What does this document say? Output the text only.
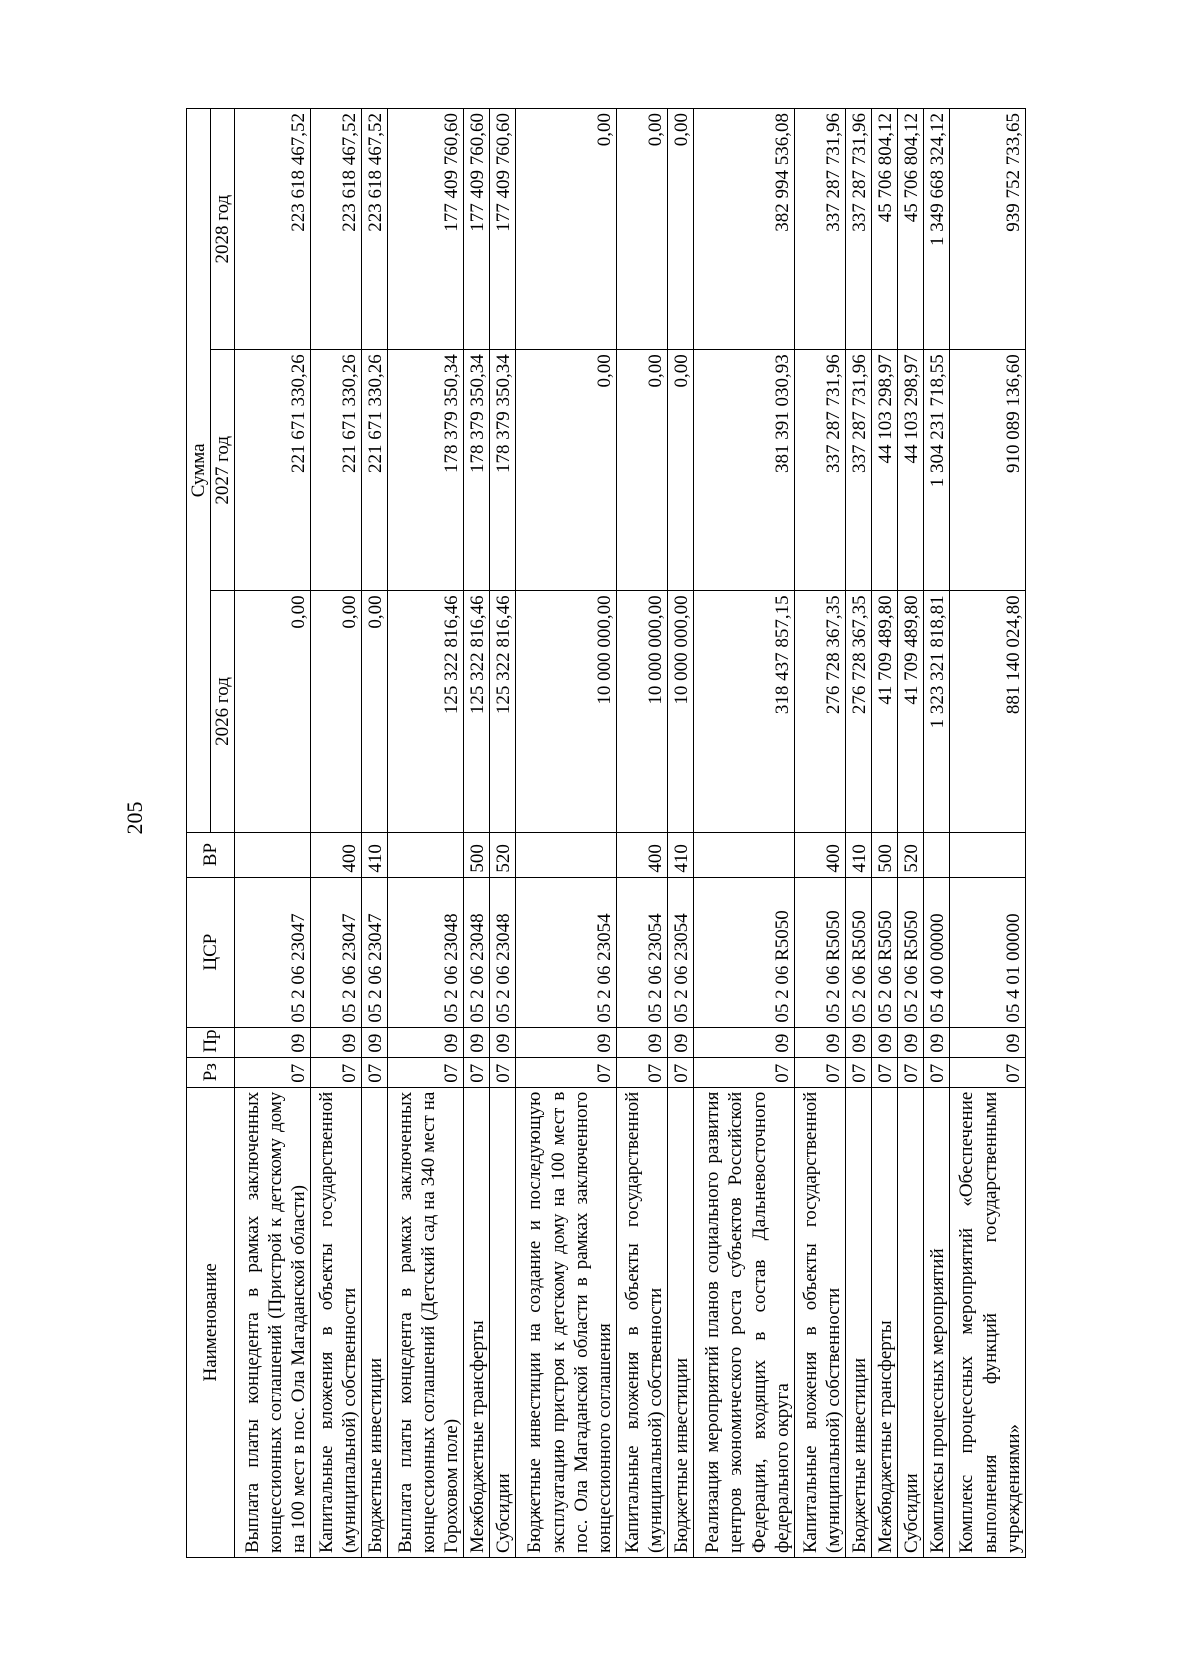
205
Наименование	Рз	Пр	ЦСР	ВР	Сумма		
					2026 год	2027 год	2028 год
Выплата платы концедента в рамках заключенных концессионных соглашений (Пристрой к детскому дому на 100 мест в пос. Ола Магаданской области)	07	09	05 2 06 23047		0,00	221 671 330,26	223 618 467,52
Капитальные вложения в объекты государственной (муниципальной) собственности	07	09	05 2 06 23047	400	0,00	221 671 330,26	223 618 467,52
Бюджетные инвестиции	07	09	05 2 06 23047	410	0,00	221 671 330,26	223 618 467,52
Выплата платы концедента в рамках заключенных концессионных соглашений (Детский сад на 340 мест на Гороховом поле)	07	09	05 2 06 23048		125 322 816,46	178 379 350,34	177 409 760,60
Межбюджетные трансферты	07	09	05 2 06 23048	500	125 322 816,46	178 379 350,34	177 409 760,60
Субсидии	07	09	05 2 06 23048	520	125 322 816,46	178 379 350,34	177 409 760,60
Бюджетные инвестиции на создание и последующую эксплуатацию пристроя к детскому дому на 100 мест в пос. Ола Магаданской области в рамках заключенного концессионного соглашения	07	09	05 2 06 23054		10 000 000,00	0,00	0,00
Капитальные вложения в объекты государственной (муниципальной) собственности	07	09	05 2 06 23054	400	10 000 000,00	0,00	0,00
Бюджетные инвестиции	07	09	05 2 06 23054	410	10 000 000,00	0,00	0,00
Реализация мероприятий планов социального развития центров экономического роста субъектов Российской Федерации, входящих в состав Дальневосточного федерального округа	07	09	05 2 06 R5050		318 437 857,15	381 391 030,93	382 994 536,08
Капитальные вложения в объекты государственной (муниципальной) собственности	07	09	05 2 06 R5050	400	276 728 367,35	337 287 731,96	337 287 731,96
Бюджетные инвестиции	07	09	05 2 06 R5050	410	276 728 367,35	337 287 731,96	337 287 731,96
Межбюджетные трансферты	07	09	05 2 06 R5050	500	41 709 489,80	44 103 298,97	45 706 804,12
Субсидии	07	09	05 2 06 R5050	520	41 709 489,80	44 103 298,97	45 706 804,12
Комплексы процессных мероприятий	07	09	05 4 00 00000		1 323 321 818,81	1 304 231 718,55	1 349 668 324,12
Комплекс процессных мероприятий «Обеспечение выполнения функций государственными учреждениями»	07	09	05 4 01 00000		881 140 024,80	910 089 136,60	939 752 733,65
